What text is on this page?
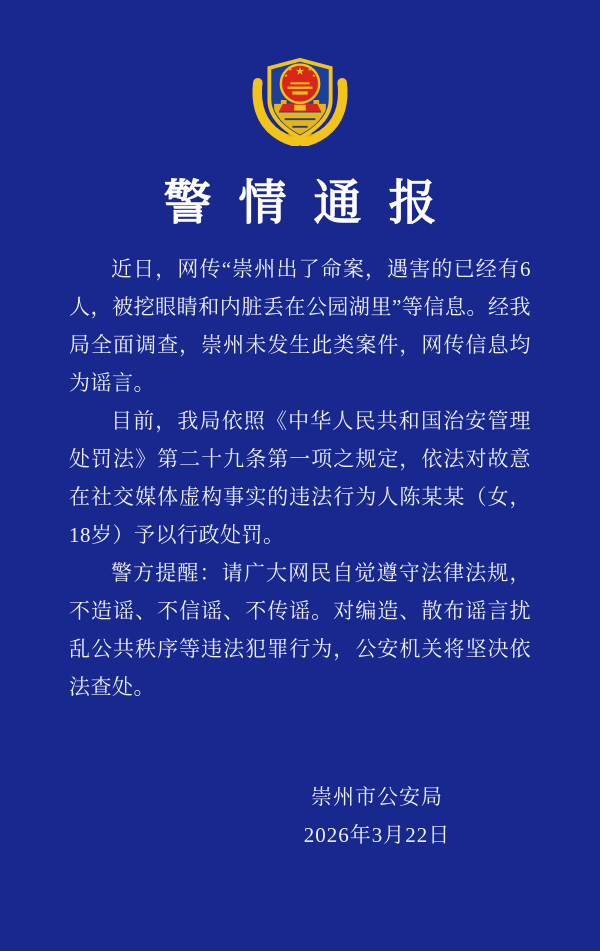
警情通报

近日，网传“崇州出了命案，遇害的已经有6人，被挖眼睛和内脏丢在公园湖里”等信息。经我局全面调查，崇州未发生此类案件，网传信息均为谣言。

目前，我局依照《中华人民共和国治安管理处罚法》第二十九条第一项之规定，依法对故意在社交媒体虚构事实的违法行为人陈某某（女，18岁）予以行政处罚。

警方提醒：请广大网民自觉遵守法律法规，不造谣、不信谣、不传谣。对编造、散布谣言扰乱公共秩序等违法犯罪行为，公安机关将坚决依法查处。

崇州市公安局
2026年3月22日
